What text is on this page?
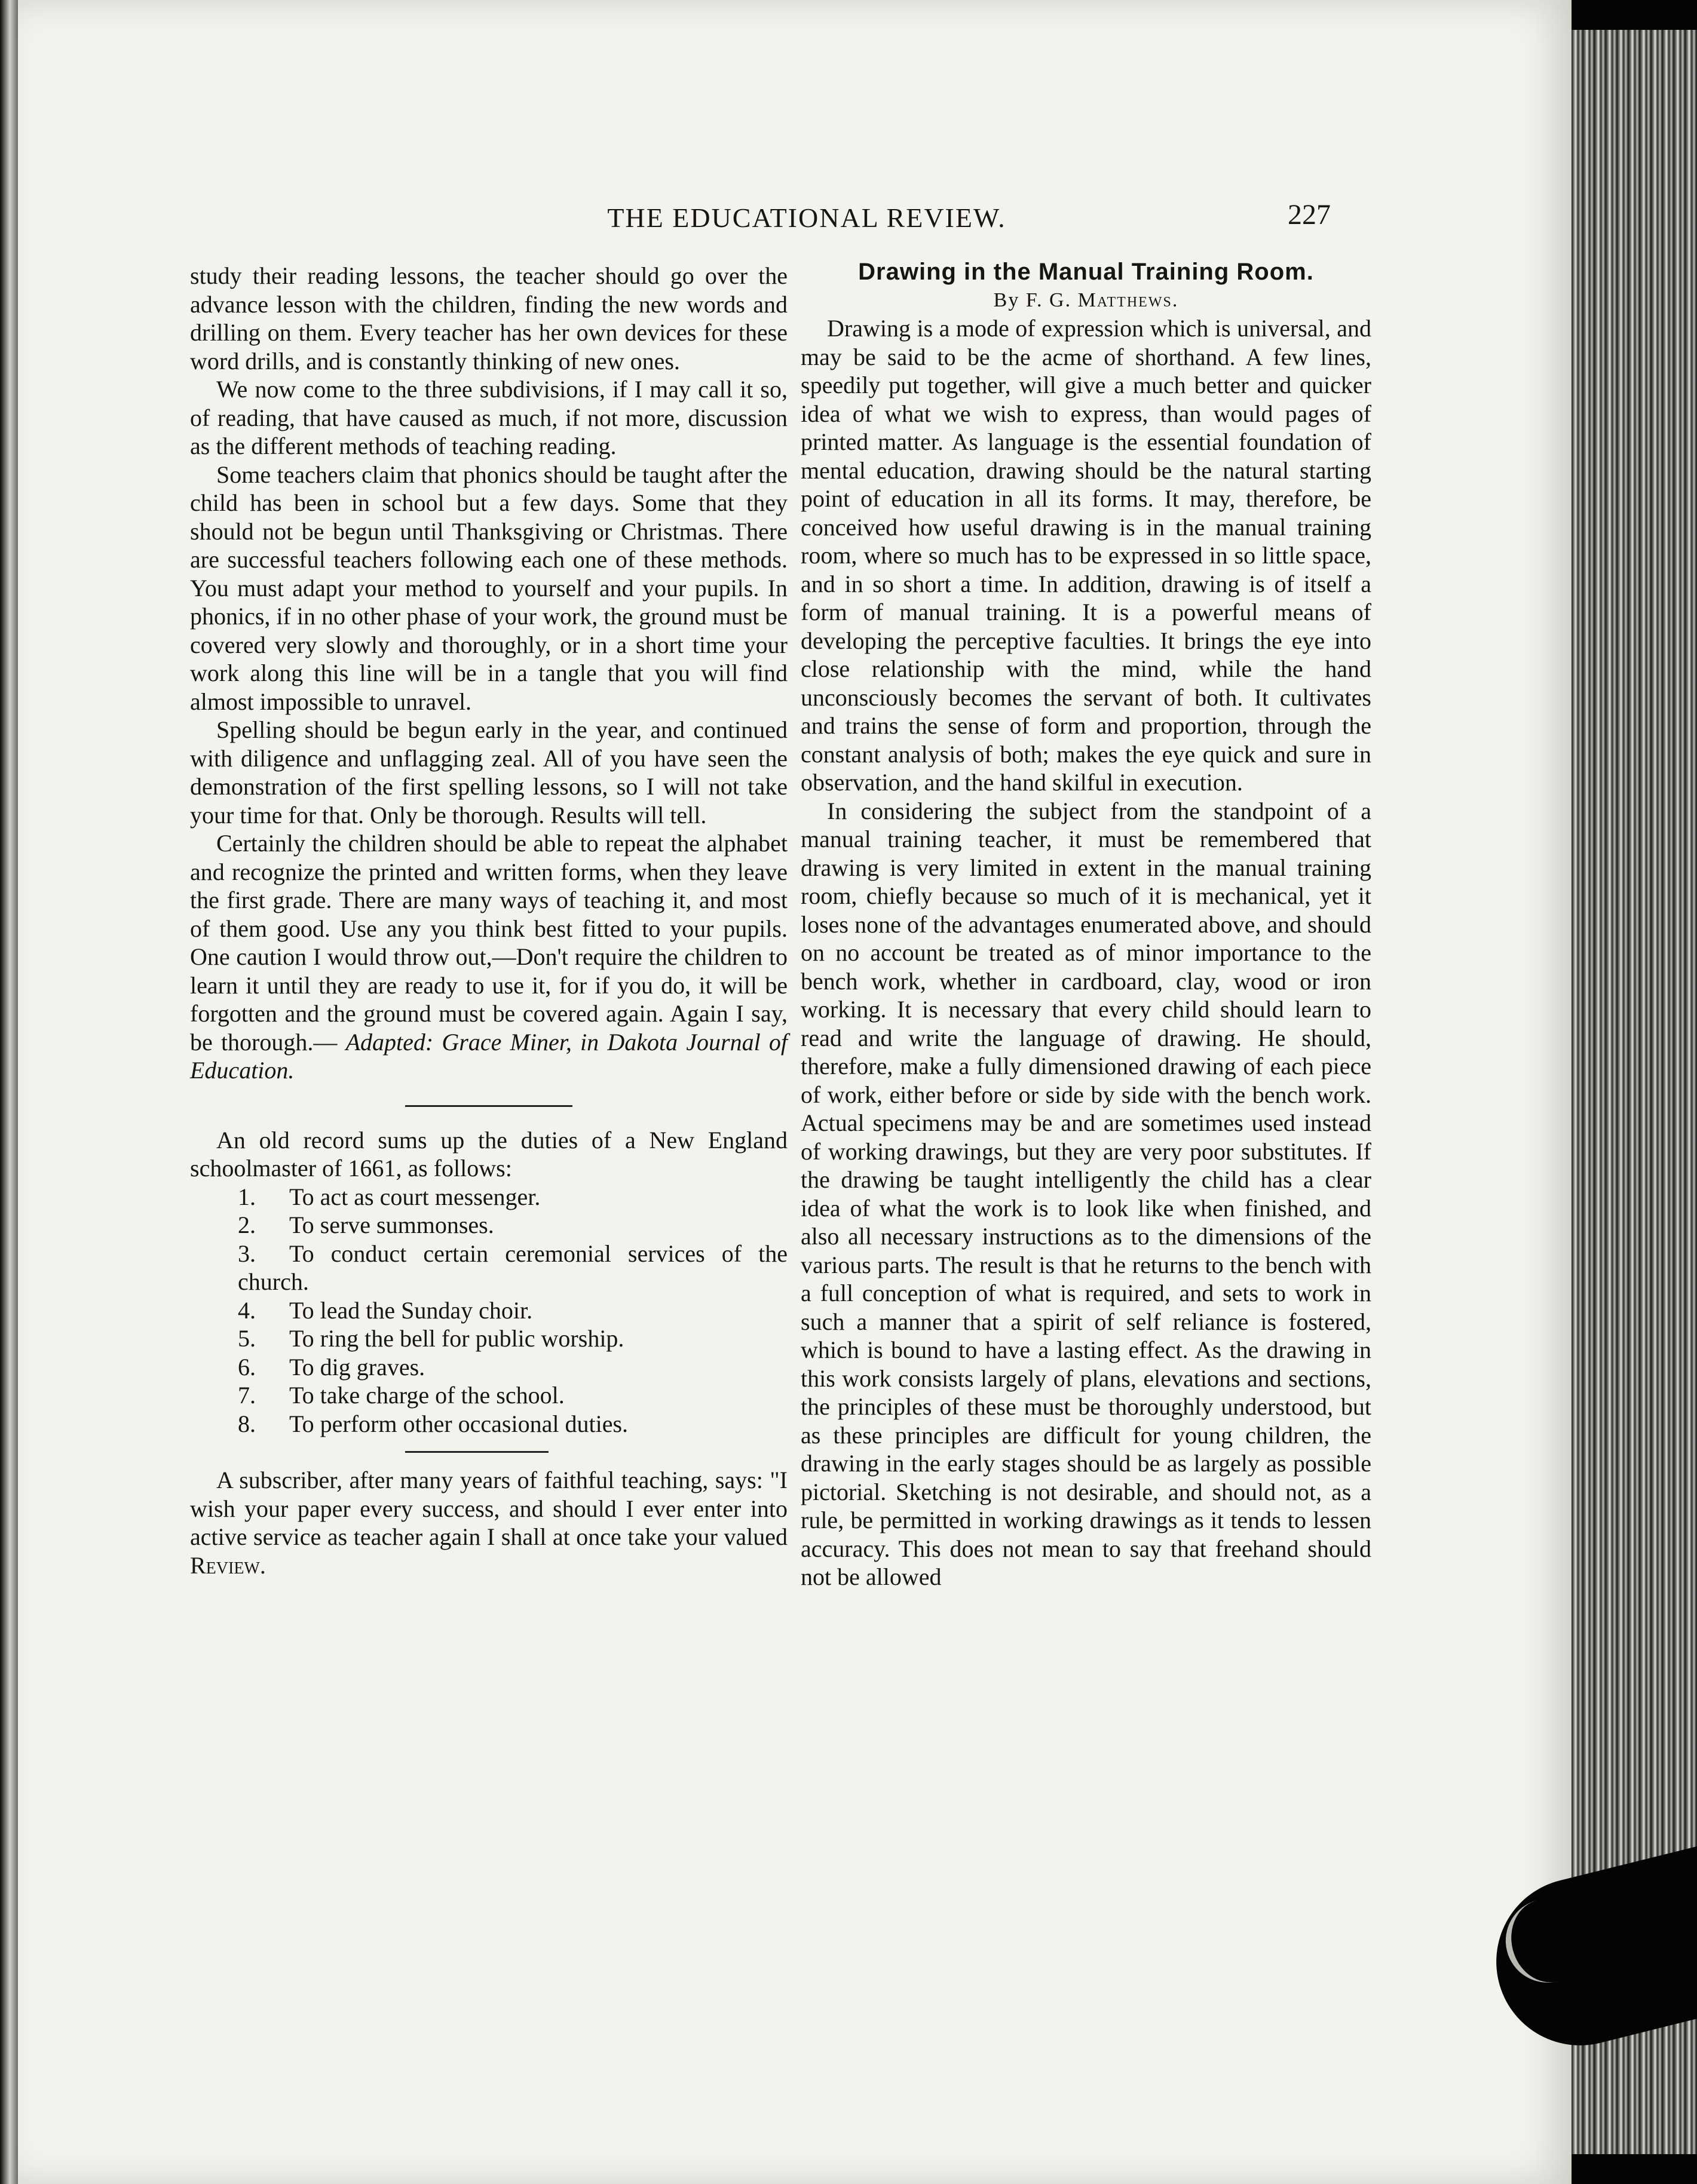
THE EDUCATIONAL REVIEW.	227

study their reading lessons, the teacher should go over the advance lesson with the children, finding the new words and drilling on them. Every teacher has her own devices for these word drills, and is constantly thinking of new ones.

We now come to the three subdivisions, if I may call it so, of reading, that have caused as much, if not more, discussion as the different methods of teaching reading.

Some teachers claim that phonics should be taught after the child has been in school but a few days. Some that they should not be begun until Thanksgiving or Christmas. There are successful teachers following each one of these methods. You must adapt your method to yourself and your pupils. In phonics, if in no other phase of your work, the ground must be covered very slowly and thoroughly, or in a short time your work along this line will be in a tangle that you will find almost impossible to unravel.

Spelling should be begun early in the year, and continued with diligence and unflagging zeal. All of you have seen the demonstration of the first spelling lessons, so I will not take your time for that. Only be thorough. Results will tell.

Certainly the children should be able to repeat the alphabet and recognize the printed and written forms, when they leave the first grade. There are many ways of teaching it, and most of them good. Use any you think best fitted to your pupils. One caution I would throw out,—Don't require the children to learn it until they are ready to use it, for if you do, it will be forgotten and the ground must be covered again. Again I say, be thorough.— Adapted: Grace Miner, in Dakota Journal of Education.

An old record sums up the duties of a New England schoolmaster of 1661, as follows:

1.	To act as court messenger.
2.	To serve summonses.
3. To conduct certain ceremonial services of the church.
4.	To lead the Sunday choir.
5.	To ring the bell for public worship.
6.	To dig graves.
7.	To take charge of the school.
8.	To perform other occasional duties.

A subscriber, after many years of faithful teaching, says: "I wish your paper every success, and should I ever enter into active service as teacher again I shall at once take your valued Review.

Drawing in the Manual Training Room.

By F. G. Matthews.

Drawing is a mode of expression which is universal, and may be said to be the acme of shorthand. A few lines, speedily put together, will give a much better and quicker idea of what we wish to express, than would pages of printed matter. As language is the essential foundation of mental education, drawing should be the natural starting point of education in all its forms. It may, therefore, be conceived how useful drawing is in the manual training room, where so much has to be expressed in so little space, and in so short a time. In addition, drawing is of itself a form of manual training. It is a powerful means of developing the perceptive faculties. It brings the eye into close relationship with the mind, while the hand unconsciously becomes the servant of both. It cultivates and trains the sense of form and proportion, through the constant analysis of both; makes the eye quick and sure in observation, and the hand skilful in execution.

In considering the subject from the standpoint of a manual training teacher, it must be remembered that drawing is very limited in extent in the manual training room, chiefly because so much of it is mechanical, yet it loses none of the advantages enumerated above, and should on no account be treated as of minor importance to the bench work, whether in cardboard, clay, wood or iron working. It is necessary that every child should learn to read and write the language of drawing. He should, therefore, make a fully dimensioned drawing of each piece of work, either before or side by side with the bench work. Actual specimens may be and are sometimes used instead of working drawings, but they are very poor substitutes. If the drawing be taught intelligently the child has a clear idea of what the work is to look like when finished, and also all necessary instructions as to the dimensions of the various parts. The result is that he returns to the bench with a full conception of what is required, and sets to work in such a manner that a spirit of self reliance is fostered, which is bound to have a lasting effect. As the drawing in this work consists largely of plans, elevations and sections, the principles of these must be thoroughly understood, but as these principles are difficult for young children, the drawing in the early stages should be as largely as possible pictorial. Sketching is not desirable, and should not, as a rule, be permitted in working drawings as it tends to lessen accuracy. This does not mean to say that freehand should not be allowed
